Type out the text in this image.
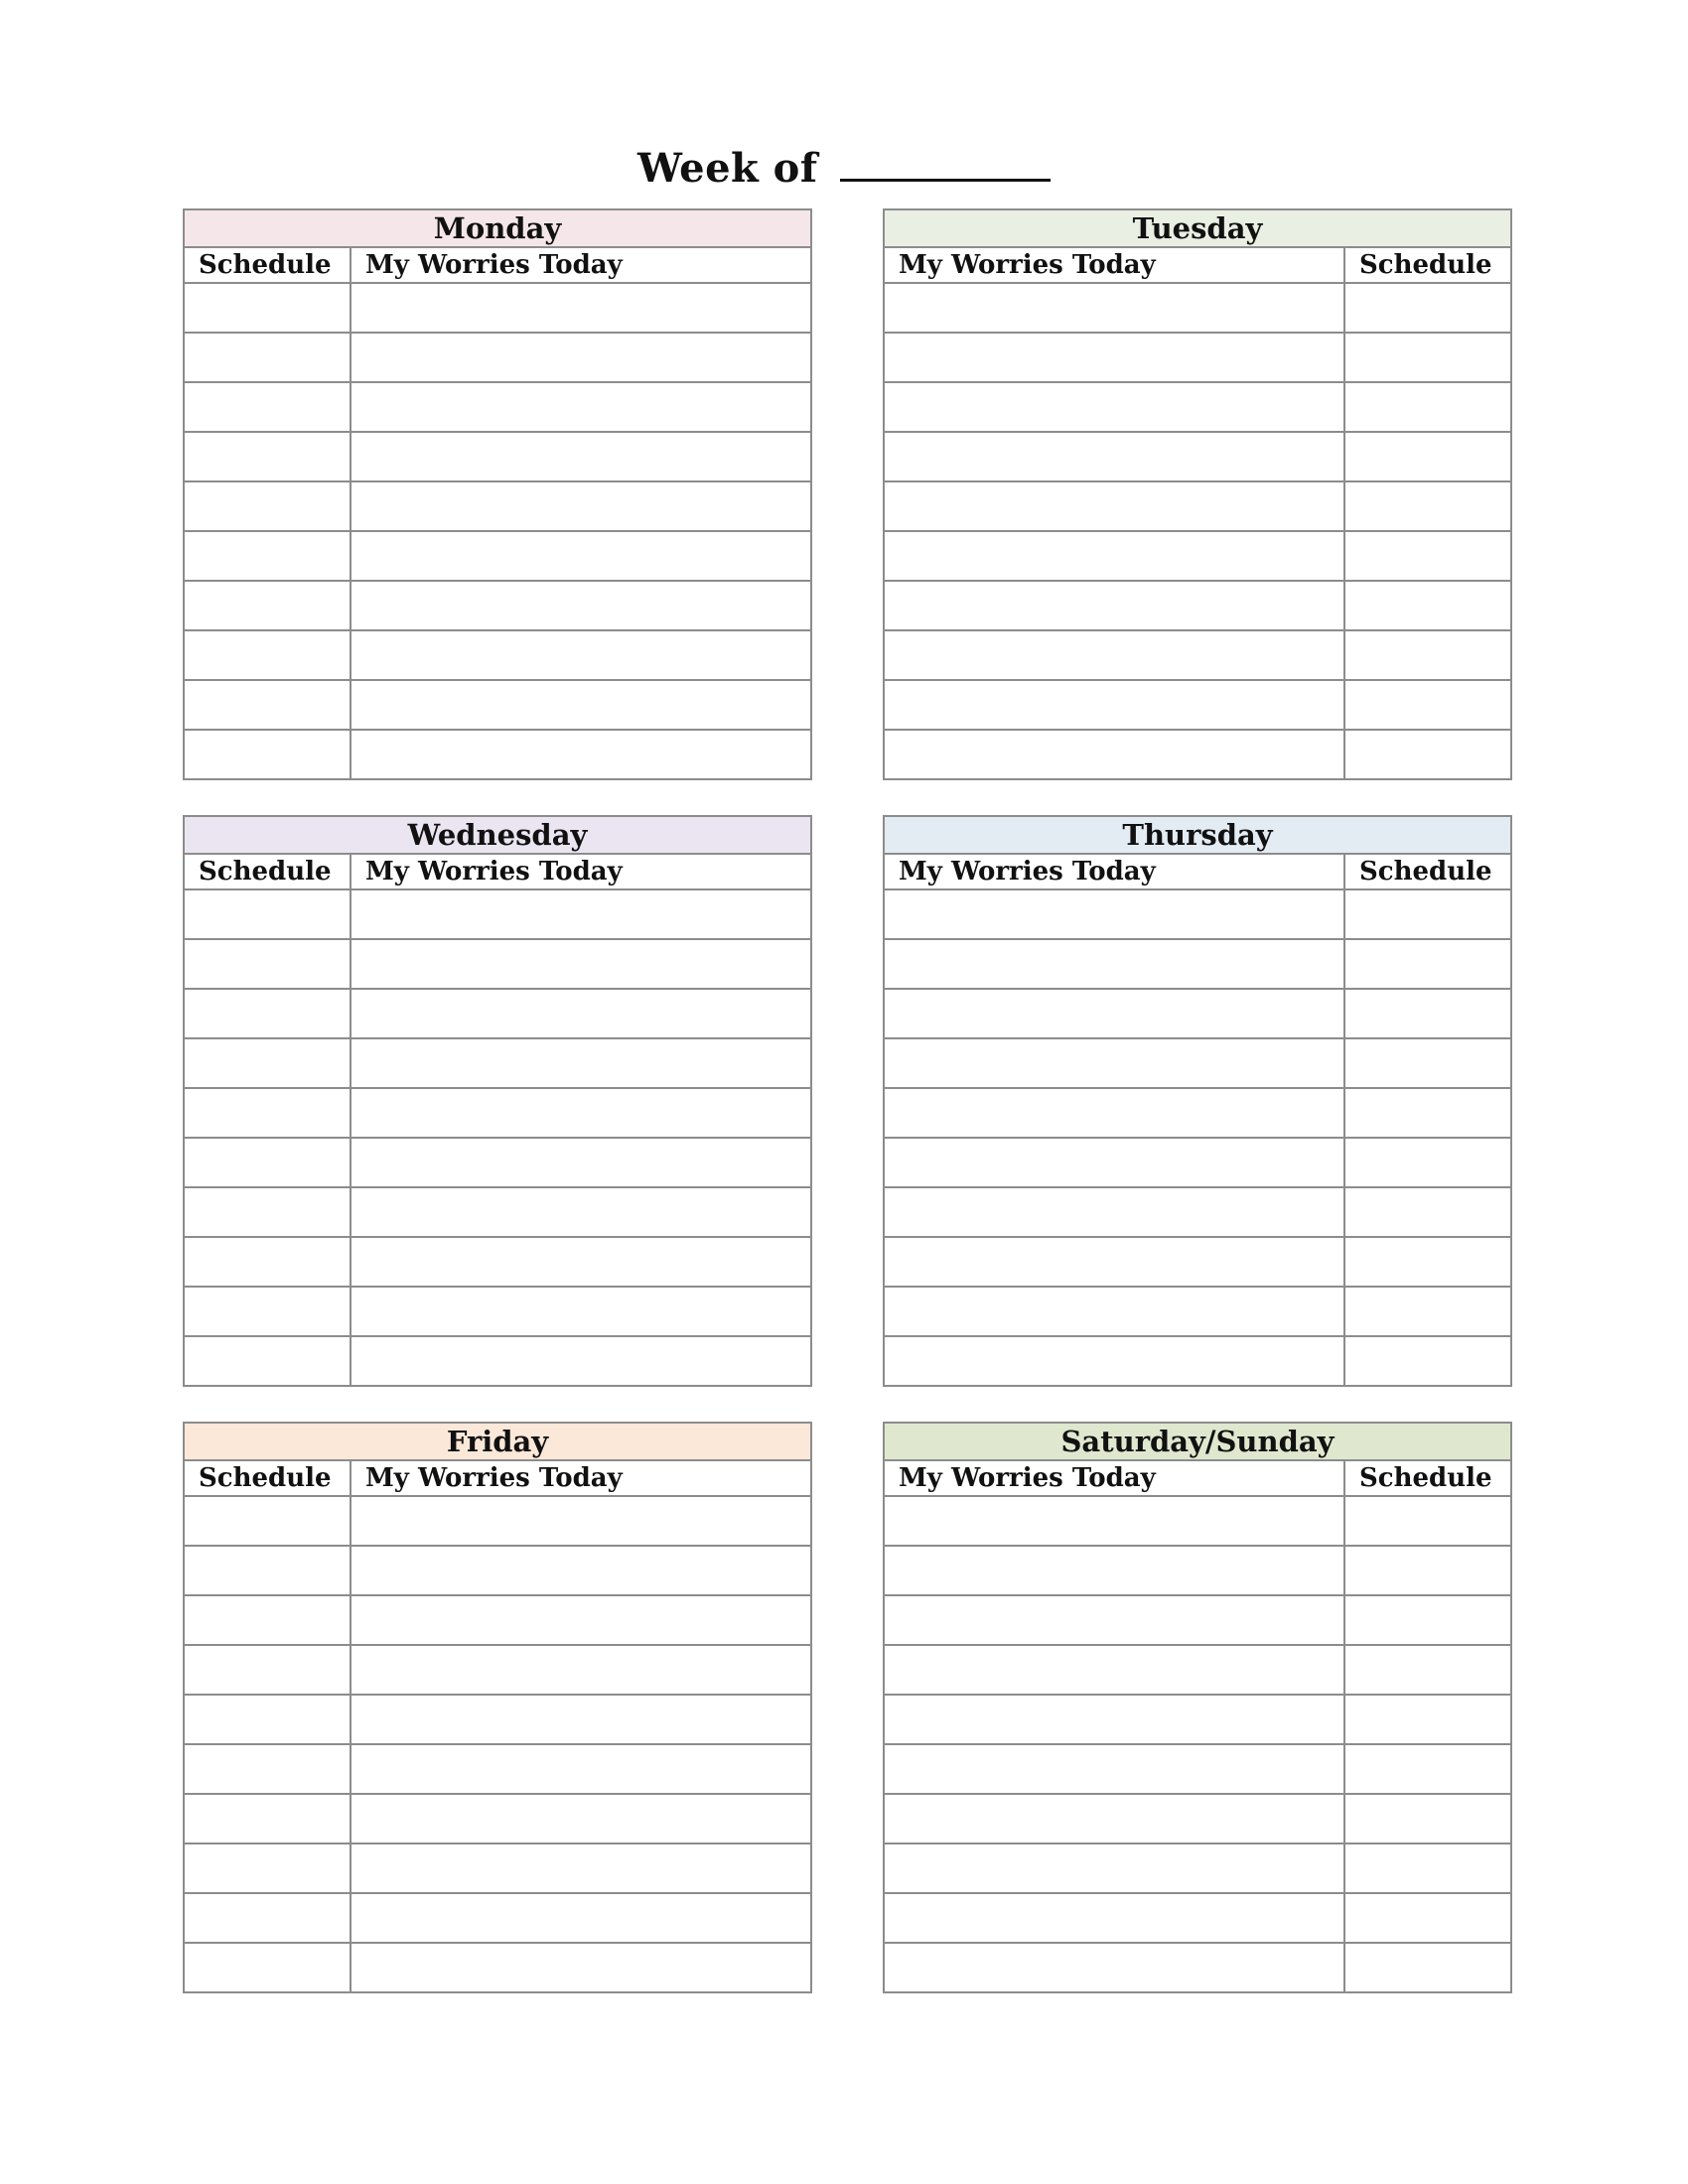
Week of
Monday	
Schedule	My Worries Today

Tuesday	
My Worries Today	Schedule

Wednesday	
Schedule	My Worries Today

Thursday	
My Worries Today	Schedule

Friday	
Schedule	My Worries Today

Saturday/Sunday	
My Worries Today	Schedule
